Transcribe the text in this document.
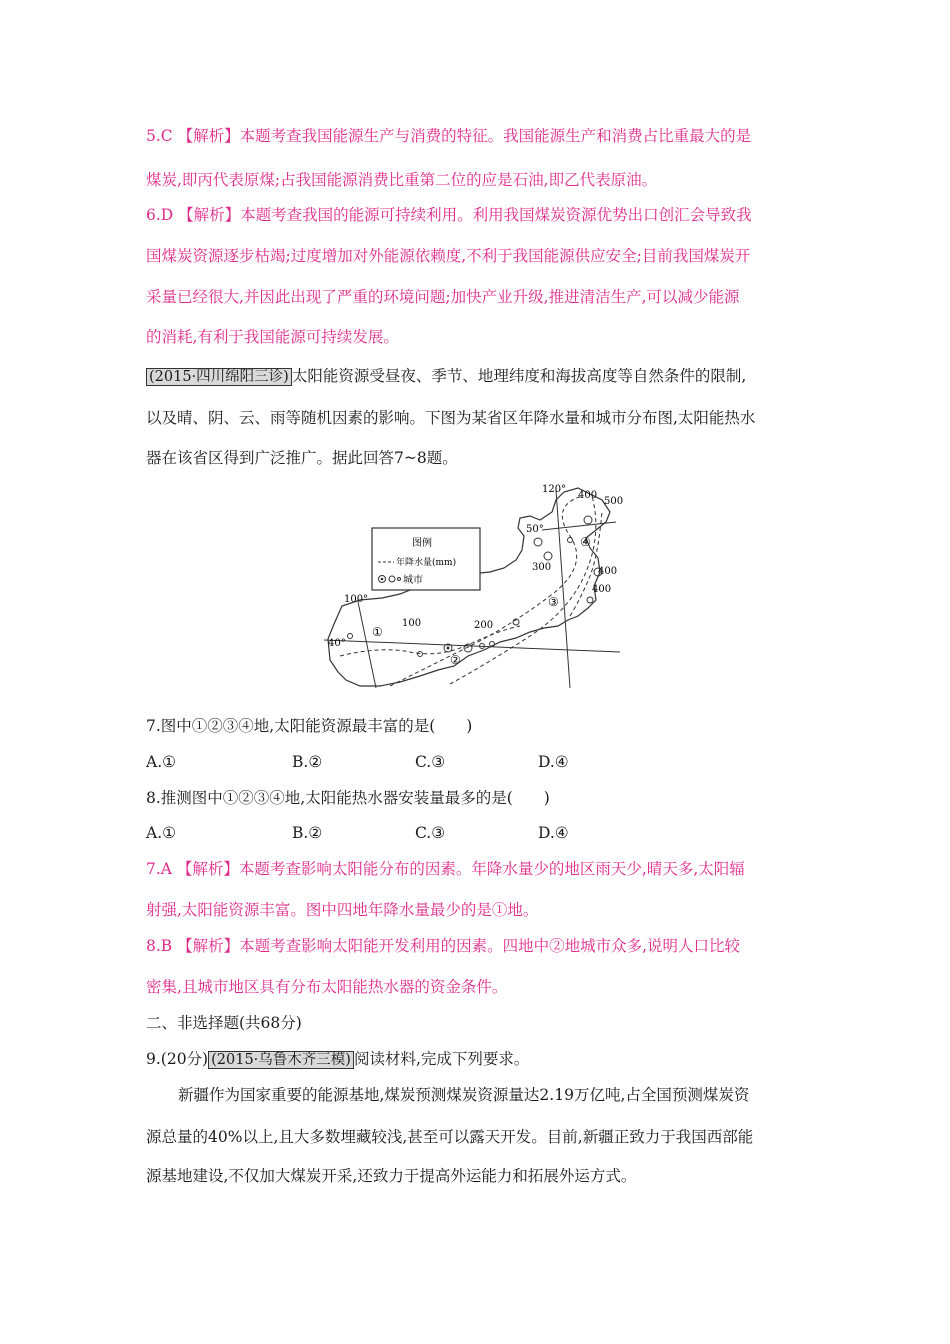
5.C 【解析】本题考查我国能源生产与消费的特征。我国能源生产和消费占比重最大的是
煤炭,即丙代表原煤;占我国能源消费比重第二位的应是石油,即乙代表原油。
6.D 【解析】本题考查我国的能源可持续利用。利用我国煤炭资源优势出口创汇会导致我
国煤炭资源逐步枯竭;过度增加对外能源依赖度,不利于我国能源供应安全;目前我国煤炭开
采量已经很大,并因此出现了严重的环境问题;加快产业升级,推进清洁生产,可以减少能源
的消耗,有利于我国能源可持续发展。
(2015·四川绵阳三诊) 太阳能资源受昼夜、季节、地理纬度和海拔高度等自然条件的限制,
以及晴、阴、云、雨等随机因素的影响。下图为某省区年降水量和城市分布图,太阳能热水
器在该省区得到广泛推广。据此回答7~8题。
图例
年降水量(mm)
城市
120°
100°
50°
40°
400
500
300	400
400
100	200
①
②
③
④
7.图中①②③④地,太阳能资源最丰富的是(　　)
A.①	B.②	C.③	D.④
8.推测图中①②③④地,太阳能热水器安装量最多的是(　　)
A.①	B.②	C.③	D.④
7.A 【解析】本题考查影响太阳能分布的因素。年降水量少的地区雨天少,晴天多,太阳辐
射强,太阳能资源丰富。图中四地年降水量最少的是①地。
8.B 【解析】本题考查影响太阳能开发利用的因素。四地中②地城市众多,说明人口比较
密集,且城市地区具有分布太阳能热水器的资金条件。
二、非选择题(共68分)
9.(20分) (2015·乌鲁木齐三模) 阅读材料,完成下列要求。
新疆作为国家重要的能源基地,煤炭预测煤炭资源量达2.19万亿吨,占全国预测煤炭资
源总量的40%以上,且大多数埋藏较浅,甚至可以露天开发。目前,新疆正致力于我国西部能
源基地建设,不仅加大煤炭开采,还致力于提高外运能力和拓展外运方式。
